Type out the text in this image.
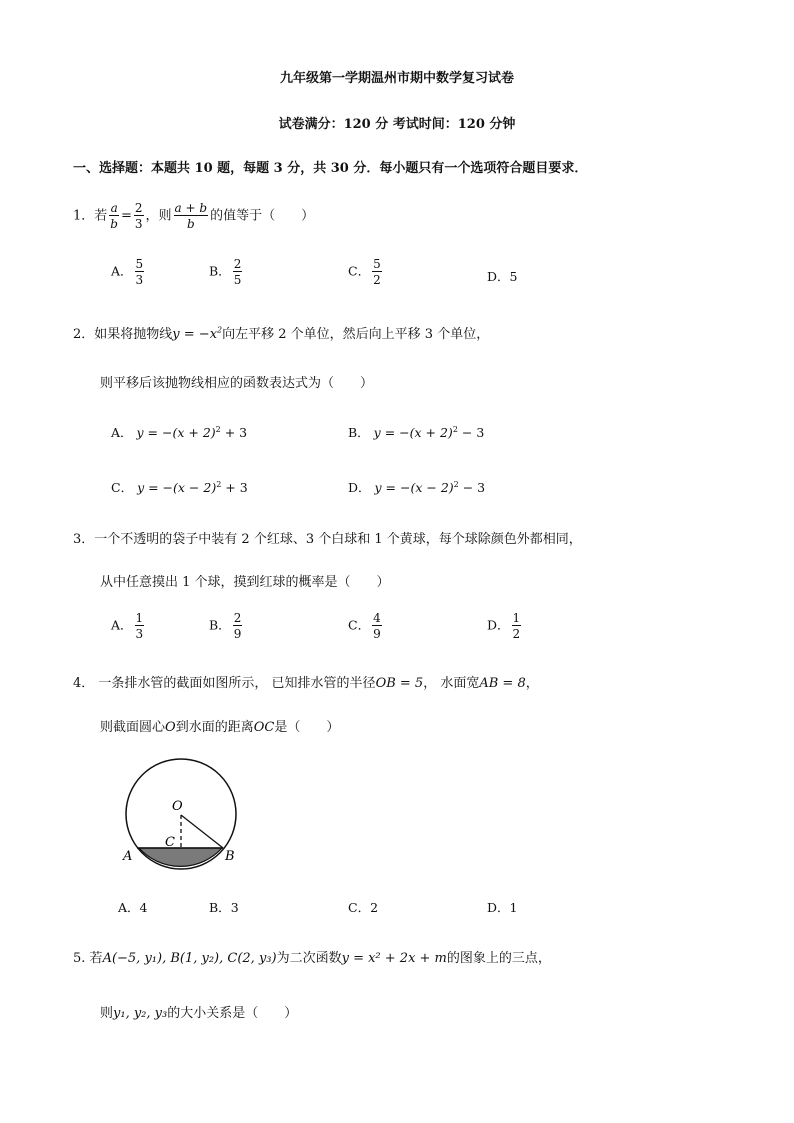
九年级第一学期温州市期中数学复习试卷
试卷满分：120 分 考试时间：120 分钟
一、选择题：本题共 10 题，每题 3 分，共 30 分．每小题只有一个选项符合题目要求．
1．若 $\frac{a}{b} = \frac{2}{3}$ ，则 $\frac{a + b}{b}$ 的值等于（　　）
A． $\frac{5}{3}$	B． $\frac{2}{5}$	C． $\frac{5}{2}$	D．5
2．如果将抛物线$y = -x^2$向左平移 2 个单位，然后向上平移 3 个单位，
则平移后该抛物线相应的函数表达式为（　　）
A． $y = -(x + 2)^2 + 3$	B． $y = -(x + 2)^2 - 3$
C． $y = -(x - 2)^2 + 3$	D． $y = -(x - 2)^2 - 3$
3．一个不透明的袋子中装有 2 个红球、3 个白球和 1 个黄球，每个球除颜色外都相同，
从中任意摸出 1 个球，摸到红球的概率是（　　）
A． $\frac{1}{3}$	B． $\frac{2}{9}$	C． $\frac{4}{9}$	D． $\frac{1}{2}$
4． 一条排水管的截面如图所示， 已知排水管的半径OB = 5， 水面宽AB = 8，
则截面圆心O到水面的距离OC是（　　）
O
C
A	B
A．4	B．3	C．2	D．1
5. 若A(−5, y₁), B(1, y₂), C(2, y₃)为二次函数y = x² + 2x + m的图象上的三点，
则y₁, y₂, y₃的大小关系是（　　）
